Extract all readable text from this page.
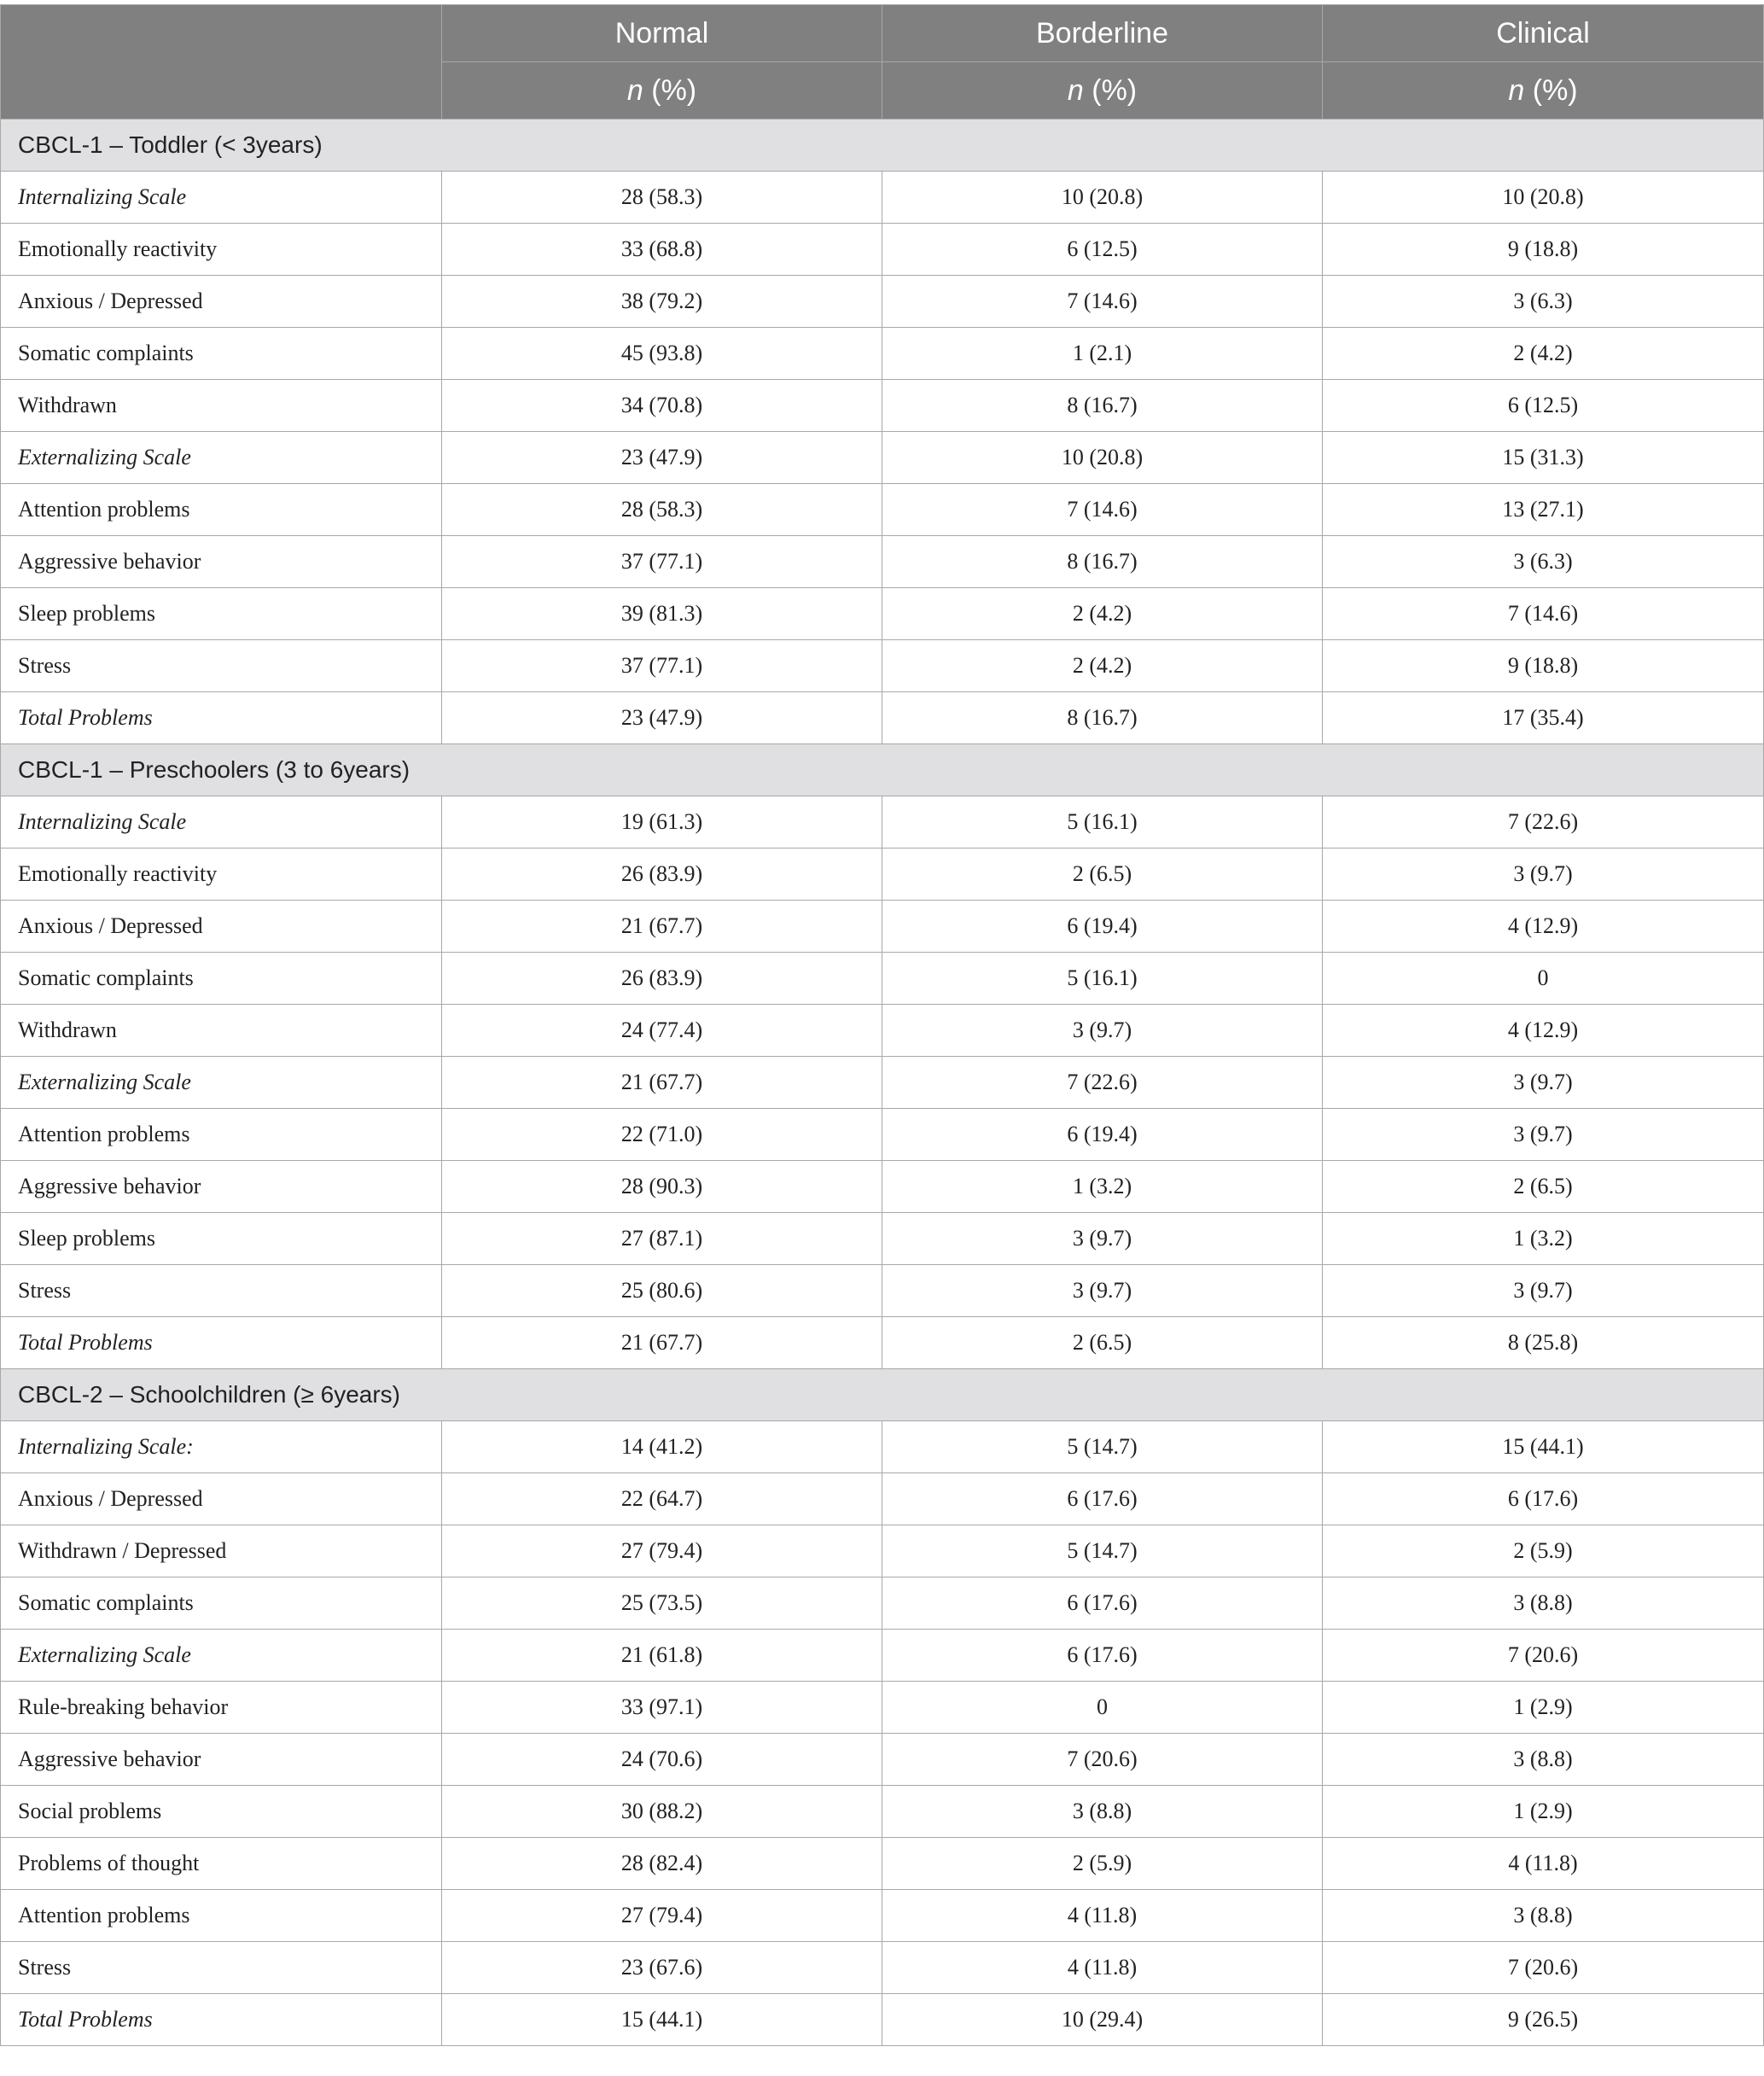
	Normal	Borderline	Clinical
	n (%)	n (%)	n (%)
CBCL-1 – Toddler (< 3years)			
Internalizing Scale	28 (58.3)	10 (20.8)	10 (20.8)
Emotionally reactivity	33 (68.8)	6 (12.5)	9 (18.8)
Anxious / Depressed	38 (79.2)	7 (14.6)	3 (6.3)
Somatic complaints	45 (93.8)	1 (2.1)	2 (4.2)
Withdrawn	34 (70.8)	8 (16.7)	6 (12.5)
Externalizing Scale	23 (47.9)	10 (20.8)	15 (31.3)
Attention problems	28 (58.3)	7 (14.6)	13 (27.1)
Aggressive behavior	37 (77.1)	8 (16.7)	3 (6.3)
Sleep problems	39 (81.3)	2 (4.2)	7 (14.6)
Stress	37 (77.1)	2 (4.2)	9 (18.8)
Total Problems	23 (47.9)	8 (16.7)	17 (35.4)
CBCL-1 – Preschoolers (3 to 6years)			
Internalizing Scale	19 (61.3)	5 (16.1)	7 (22.6)
Emotionally reactivity	26 (83.9)	2 (6.5)	3 (9.7)
Anxious / Depressed	21 (67.7)	6 (19.4)	4 (12.9)
Somatic complaints	26 (83.9)	5 (16.1)	0
Withdrawn	24 (77.4)	3 (9.7)	4 (12.9)
Externalizing Scale	21 (67.7)	7 (22.6)	3 (9.7)
Attention problems	22 (71.0)	6 (19.4)	3 (9.7)
Aggressive behavior	28 (90.3)	1 (3.2)	2 (6.5)
Sleep problems	27 (87.1)	3 (9.7)	1 (3.2)
Stress	25 (80.6)	3 (9.7)	3 (9.7)
Total Problems	21 (67.7)	2 (6.5)	8 (25.8)
CBCL-2 – Schoolchildren (≥ 6years)			
Internalizing Scale:	14 (41.2)	5 (14.7)	15 (44.1)
Anxious / Depressed	22 (64.7)	6 (17.6)	6 (17.6)
Withdrawn / Depressed	27 (79.4)	5 (14.7)	2 (5.9)
Somatic complaints	25 (73.5)	6 (17.6)	3 (8.8)
Externalizing Scale	21 (61.8)	6 (17.6)	7 (20.6)
Rule-breaking behavior	33 (97.1)	0	1 (2.9)
Aggressive behavior	24 (70.6)	7 (20.6)	3 (8.8)
Social problems	30 (88.2)	3 (8.8)	1 (2.9)
Problems of thought	28 (82.4)	2 (5.9)	4 (11.8)
Attention problems	27 (79.4)	4 (11.8)	3 (8.8)
Stress	23 (67.6)	4 (11.8)	7 (20.6)
Total Problems	15 (44.1)	10 (29.4)	9 (26.5)
